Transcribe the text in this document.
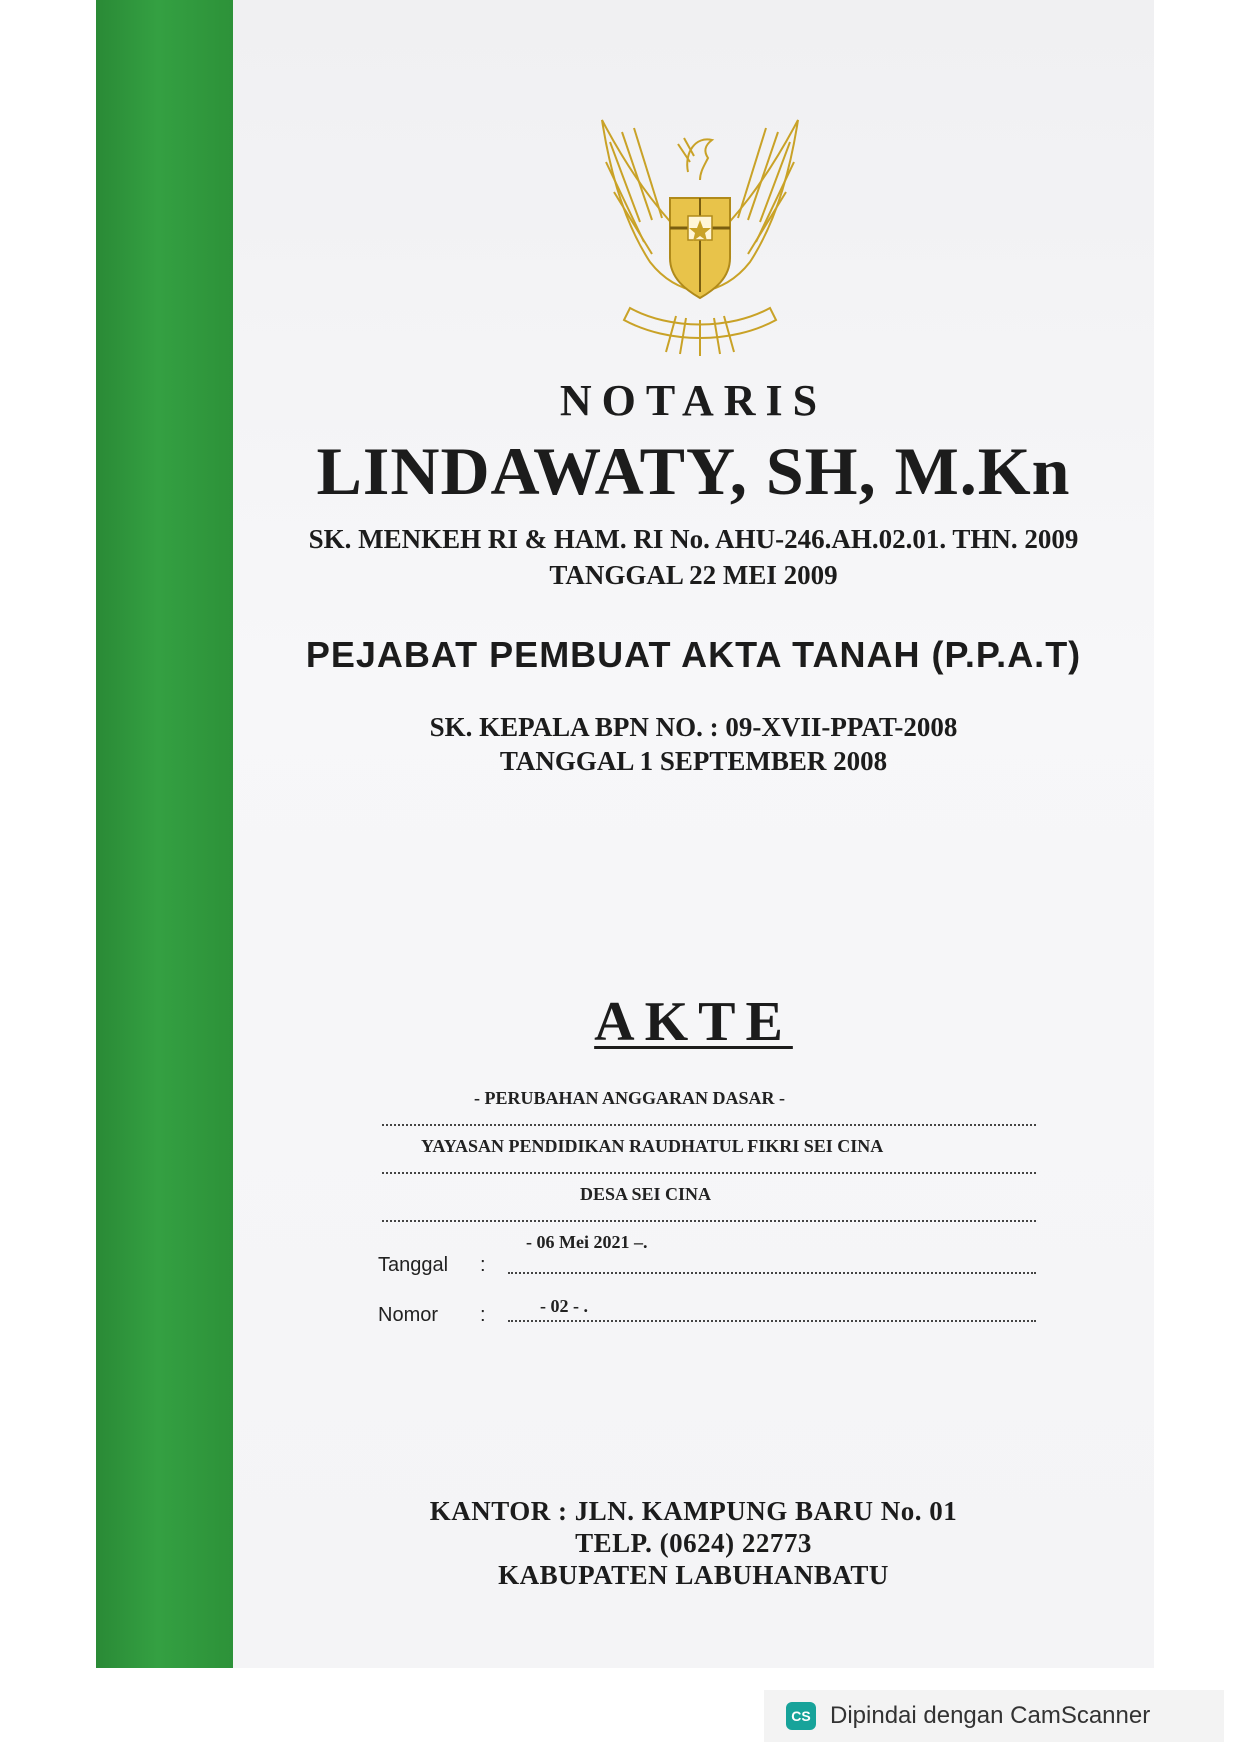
NOTARIS
LINDAWATY, SH, M.Kn

SK. MENKEH RI & HAM. RI No. AHU-246.AH.02.01. THN. 2009

TANGGAL 22 MEI 2009

PEJABAT PEMBUAT AKTA TANAH (P.P.A.T)

SK. KEPALA BPN NO. : 09-XVII-PPAT-2008

TANGGAL 1 SEPTEMBER 2008

AKTE

- PERUBAHAN ANGGARAN DASAR -
YAYASAN PENDIDIKAN RAUDHATUL FIKRI SEI CINA
DESA SEI CINA
- 06 Mei 2021 –.
Tanggal :
- 02 - .
Nomor :

KANTOR : JLN. KAMPUNG BARU No. 01

TELP. (0624) 22773

KABUPATEN LABUHANBATU

CS Dipindai dengan CamScanner
